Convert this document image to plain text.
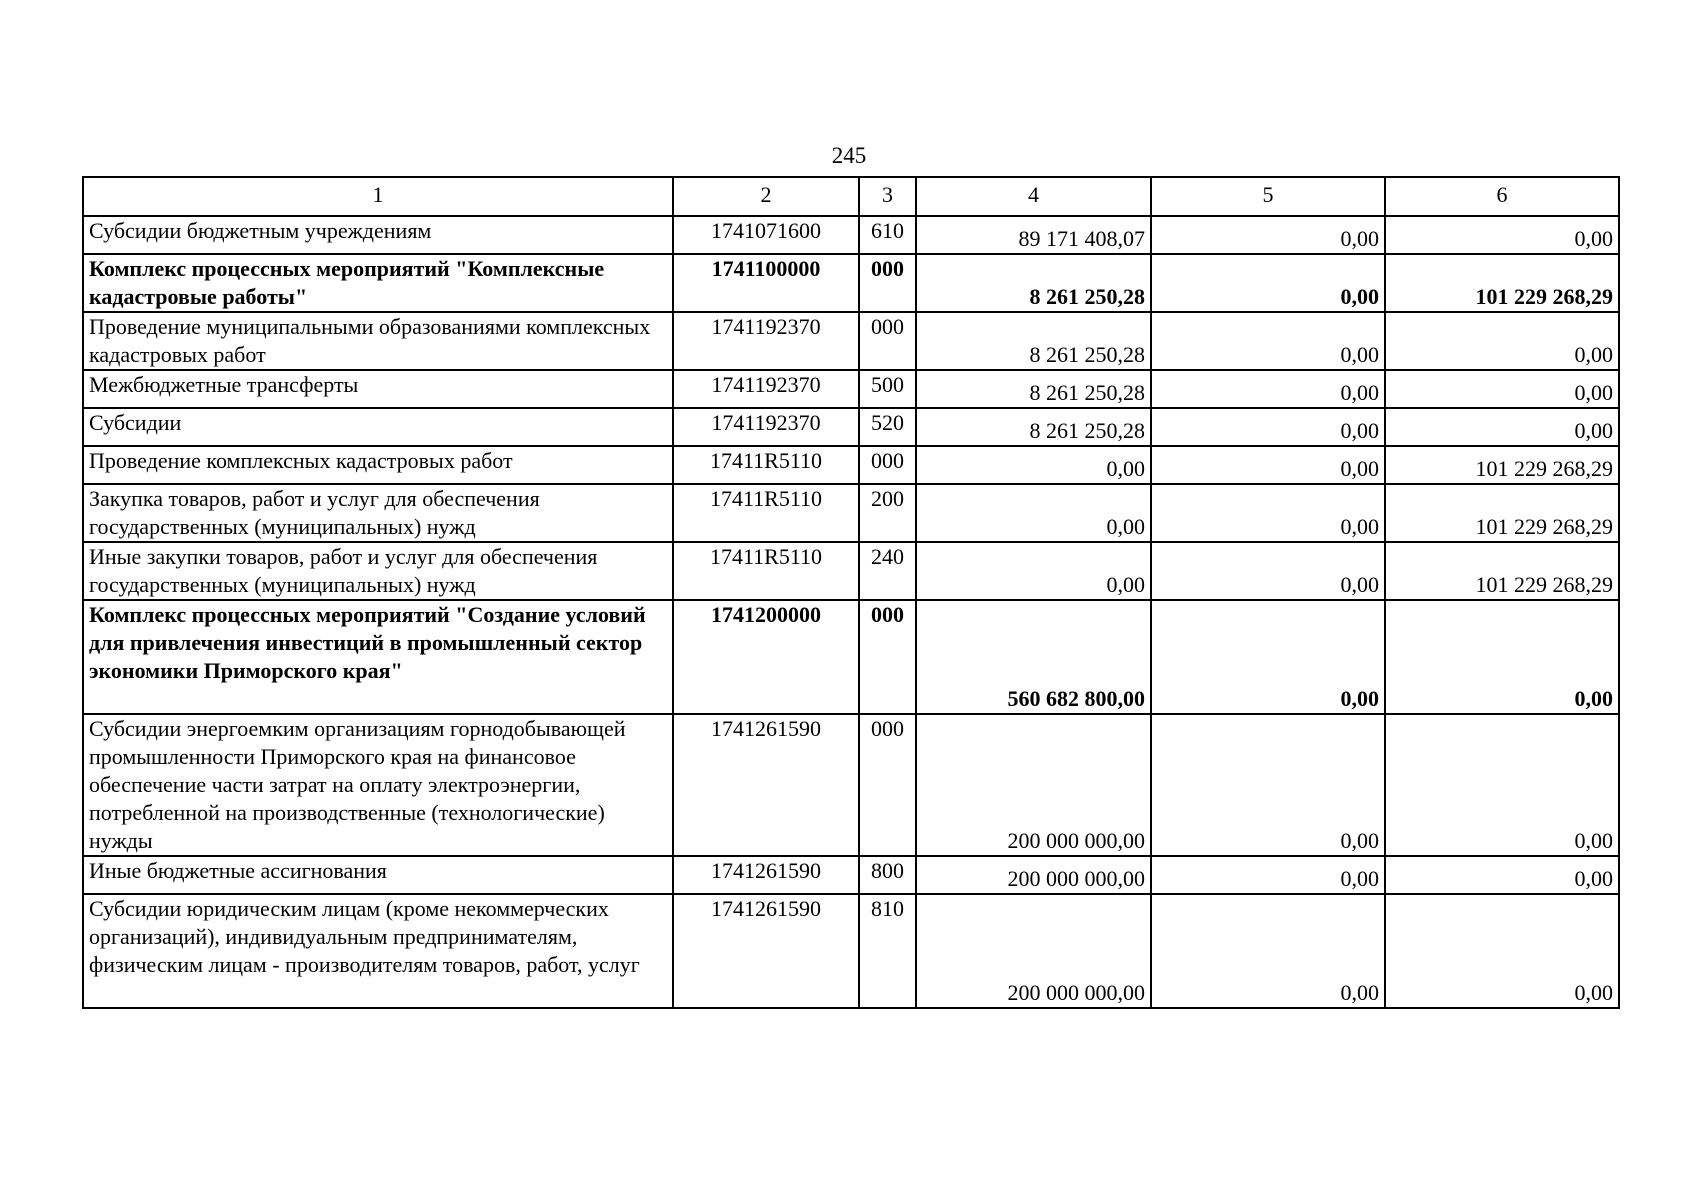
245
1	2	3	4	5	6
Субсидии бюджетным учреждениям	1741071600	610	89 171 408,07	0,00	0,00
Комплекс процессных мероприятий "Комплексные кадастровые работы"	1741100000	000	8 261 250,28	0,00	101 229 268,29
Проведение муниципальными образованиями комплексных кадастровых работ	1741192370	000	8 261 250,28	0,00	0,00
Межбюджетные трансферты	1741192370	500	8 261 250,28	0,00	0,00
Субсидии	1741192370	520	8 261 250,28	0,00	0,00
Проведение комплексных кадастровых работ	17411R5110	000	0,00	0,00	101 229 268,29
Закупка товаров, работ и услуг для обеспечения государственных (муниципальных) нужд	17411R5110	200	0,00	0,00	101 229 268,29
Иные закупки товаров, работ и услуг для обеспечения государственных (муниципальных) нужд	17411R5110	240	0,00	0,00	101 229 268,29
Комплекс процессных мероприятий "Создание условий для привлечения инвестиций в промышленный сектор экономики Приморского края"	1741200000	000	560 682 800,00	0,00	0,00
Субсидии энергоемким организациям горнодобывающей промышленности Приморского края на финансовое обеспечение части затрат на оплату электроэнергии, потребленной на производственные (технологические) нужды	1741261590	000	200 000 000,00	0,00	0,00
Иные бюджетные ассигнования	1741261590	800	200 000 000,00	0,00	0,00
Субсидии юридическим лицам (кроме некоммерческих организаций), индивидуальным предпринимателям, физическим лицам - производителям товаров, работ, услуг	1741261590	810	200 000 000,00	0,00	0,00
